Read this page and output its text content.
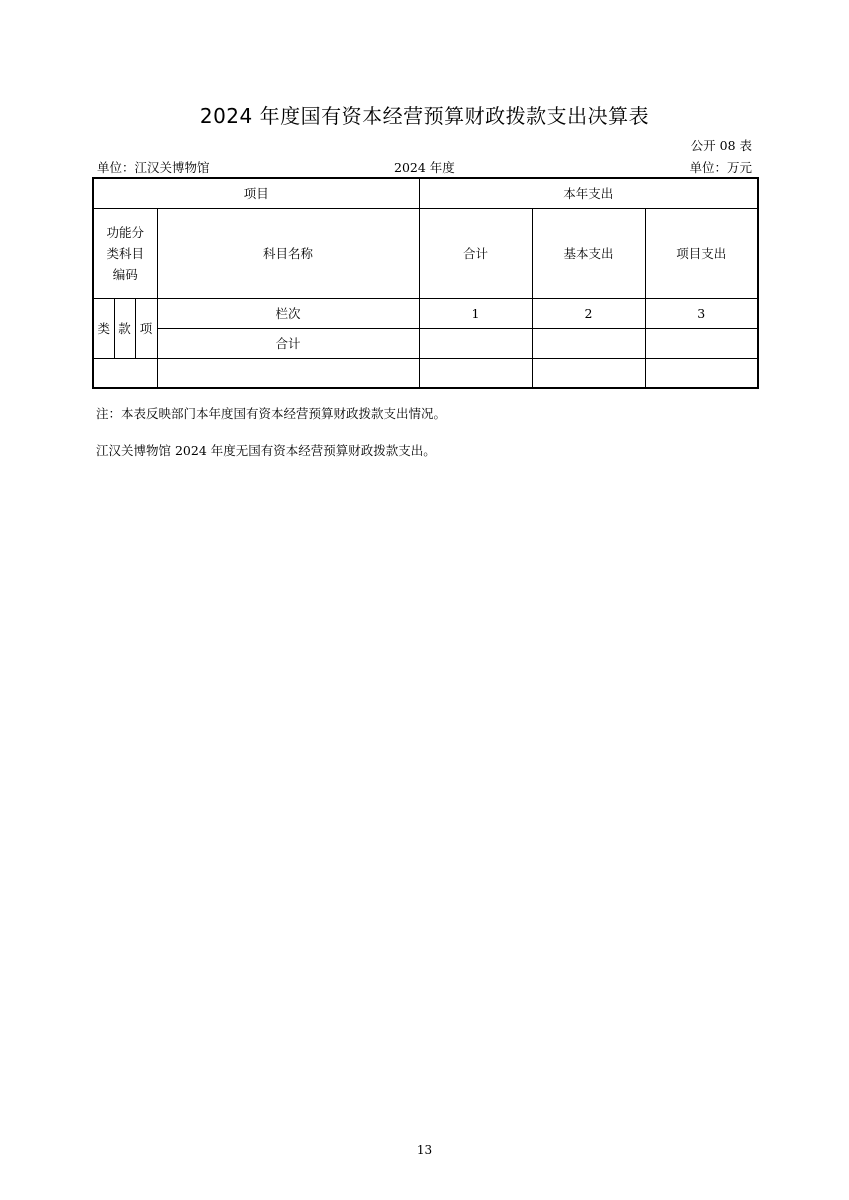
2024 年度国有资本经营预算财政拨款支出决算表
公开 08 表
单位：江汉关博物馆	2024 年度	单位：万元
项目				本年支出		

功能分类科目编码			科目名称	合计	基本支出	项目支出
类	款	项	栏次	1	2	3
			合计			

注：本表反映部门本年度国有资本经营预算财政拨款支出情况。
江汉关博物馆 2024 年度无国有资本经营预算财政拨款支出。
13
